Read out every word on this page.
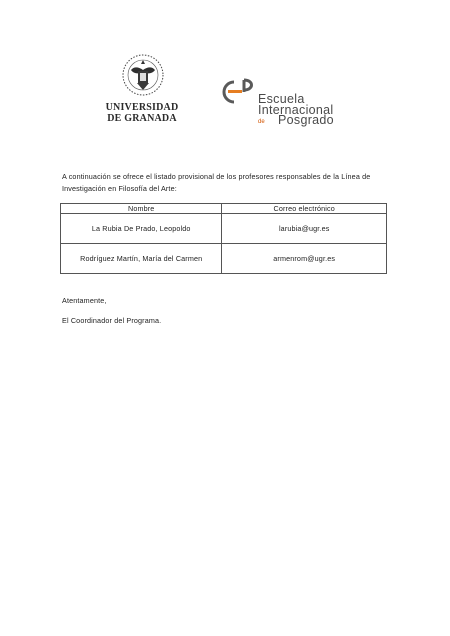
UNIVERSIDAD
DE GRANADA
Escuela
Internacional
de Posgrado
A continuación se ofrece el listado provisional de los profesores responsables de la Línea de Investigación en Filosofía del Arte:
Nombre	Correo electrónico
La Rubia De Prado, Leopoldo	larubia@ugr.es
Rodríguez Martín, María del Carmen	armenrom@ugr.es
Atentamente,
El Coordinador del Programa.
